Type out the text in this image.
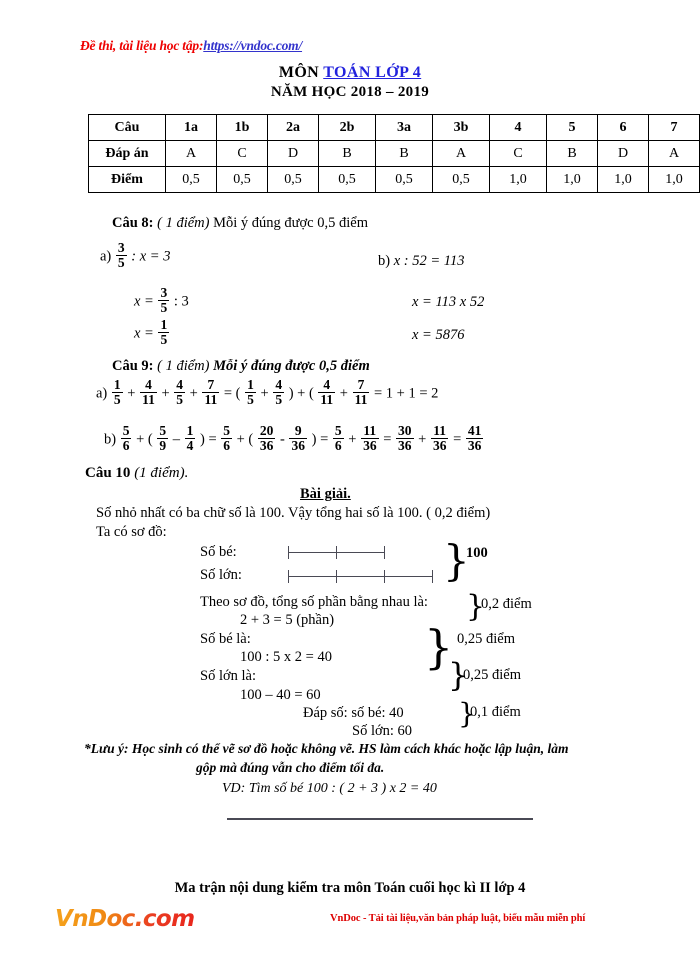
Đề thi, tài liệu học tập:https://vndoc.com/
MÔN TOÁN LỚP 4
NĂM HỌC 2018 – 2019
Câu	1a	1b	2a	2b	3a	3b	4	5	6	7
Đáp án	A	C	D	B	B	A	C	B	D	A
Điểm	0,5	0,5	0,5	0,5	0,5	0,5	1,0	1,0	1,0	1,0
Câu 8: ( 1 điểm) Mỗi ý đúng được 0,5 điểm
$a) \frac{3}{5}$ : x = 3
$x = \frac{3}{5}$ : 3
$x = \frac{1}{5}$
b) x : 52 = 113
x = 113 x 52
x = 5876
Câu 9: ( 1 điểm) Mỗi ý đúng được 0,5 điểm
$a) \frac{1}{5} + \frac{4}{11} + \frac{4}{5} + \frac{7}{11}$ = ( $\frac{1}{5} + \frac{4}{5}$ ) + ( $\frac{4}{11} + \frac{7}{11} = 1 + 1 = 2$
$b) \frac{5}{6}$ + ( $\frac{5}{9} - \frac{1}{4}$ ) = $\frac{5}{6}$ + ( $\frac{20}{36} - \frac{9}{36}$ ) = $\frac{5}{6} + \frac{11}{36} = \frac{30}{36} + \frac{11}{36} = \frac{41}{36}$
Câu 10 (1 điểm).
Bài giải.
Số nhỏ nhất có ba chữ số là 100. Vậy tổng hai số là 100. ( 0,2 điểm)
Ta có sơ đồ:
Số bé:
Số lớn:	}
100
Theo sơ đồ, tổng số phần bằng nhau là: }
0,2 điểm
2 + 3 = 5 (phần)
Số bé là:
100 : 5 x 2 = 40 } 0,25 điểm
Số lớn là:
100 – 40 = 60
}
0,25 điểm
Đáp số: số bé: 40
Số lớn: 60
}
0,1 điểm
*Lưu ý: Học sinh có thể vẽ sơ đồ hoặc không vẽ. HS làm cách khác hoặc lập luận, làm
gộp mà đúng vẫn cho điểm tối đa.
VD: Tìm số bé 100 : ( 2 + 3 ) x 2 = 40
Ma trận nội dung kiểm tra môn Toán cuối học kì II lớp 4
VnDoc.com	VnDoc - Tải tài liệu,văn bản pháp luật, biểu mẫu miễn phí
